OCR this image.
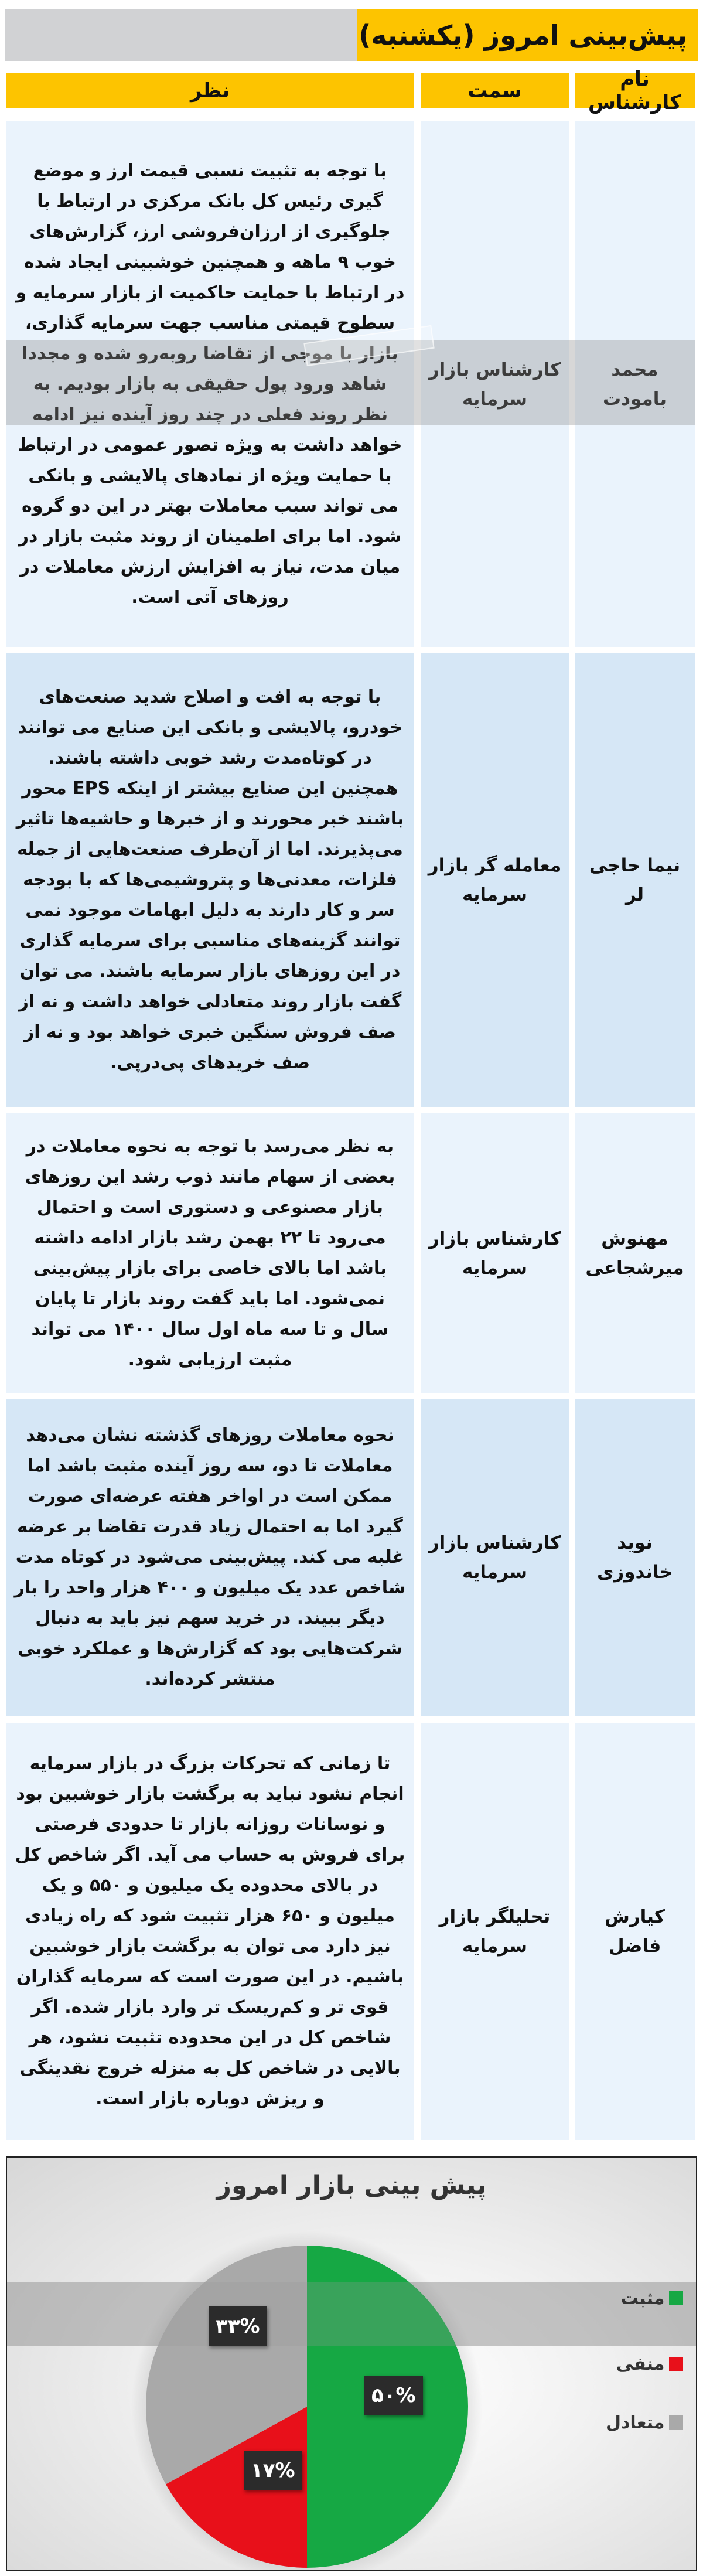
پیش‌بینی امروز (یکشنبه)
نام کارشناس
سمت
نظر
محمد بامودت
کارشناس بازار سرمایه
با توجه به تثبیت نسبی قیمت ارز و موضع گیری رئیس کل بانک مرکزی در ارتباط با جلوگیری از ارزان‌فروشی ارز، گزارش‌های خوب ۹ ماهه و همچنین خوشبینی ایجاد شده در ارتباط با حمایت حاکمیت از بازار سرمایه و سطوح قیمتی مناسب جهت سرمایه گذاری، بازار با موجی از تقاضا روبه‌رو شده و مجددا شاهد ورود پول حقیقی به بازار بودیم. به نظر روند فعلی در چند روز آینده نیز ادامه خواهد داشت به ویژه تصور عمومی در ارتباط با حمایت ویژه از نمادهای پالایشی و بانکی می تواند سبب معاملات بهتر در این دو گروه شود. اما برای اطمینان از روند مثبت بازار در میان مدت، نیاز به افزایش ارزش معاملات در روزهای آتی است.
نیما حاجی لر
معامله گر بازار سرمایه
با توجه به افت و اصلاح شدید صنعت‌های خودرو، پالایشی و بانکی این صنایع می توانند در کوتاه‌مدت رشد خوبی داشته باشند. همچنین این صنایع بیشتر از اینکه EPS محور باشند خبر محورند و از خبرها و حاشیه‌ها تاثیر می‌پذیرند. اما از آن‌طرف صنعت‌هایی از جمله فلزات، معدنی‌ها و پتروشیمی‌ها که با بودجه سر و کار دارند به دلیل ابهامات موجود نمی توانند گزینه‌های مناسبی برای سرمایه گذاری در این روزهای بازار سرمایه باشند. می توان گفت بازار روند متعادلی خواهد داشت و نه از صف فروش سنگین خبری خواهد بود و نه از صف خریدهای پی‌درپی.
مهنوش میرشجاعی
کارشناس بازار سرمایه
به نظر می‌رسد با توجه به نحوه معاملات در بعضی از سهام مانند ذوب رشد این روزهای بازار مصنوعی و دستوری است و احتمال می‌رود تا ۲۲ بهمن رشد بازار ادامه داشته باشد اما بالای خاصی برای بازار پیش‌بینی نمی‌شود. اما باید گفت روند بازار تا پایان سال و تا سه ماه اول سال ۱۴۰۰ می تواند مثبت ارزیابی شود.
نوید خاندوزی
کارشناس بازار سرمایه
نحوه معاملات روزهای گذشته نشان می‌دهد معاملات تا دو، سه روز آینده مثبت باشد اما ممکن است در اواخر هفته عرضه‌ای صورت گیرد اما به احتمال زیاد قدرت تقاضا بر عرضه غلبه می کند. پیش‌بینی می‌شود در کوتاه مدت شاخص عدد یک میلیون و ۴۰۰ هزار واحد را بار دیگر ببیند. در خرید سهم نیز باید به دنبال شرکت‌هایی بود که گزارش‌ها و عملکرد خوبی منتشر کرده‌اند.
کیارش فاضل
تحلیلگر بازار سرمایه
تا زمانی که تحرکات بزرگ در بازار سرمایه انجام نشود نباید به برگشت بازار خوشبین بود و نوسانات روزانه بازار تا حدودی فرصتی برای فروش به حساب می آید. اگر شاخص کل در بالای محدوده یک میلیون و ۵۵۰ و یک میلیون و ۶۵۰ هزار تثبیت شود که راه زیادی نیز دارد می توان به برگشت بازار خوشبین باشیم. در این صورت است که سرمایه گذاران قوی تر و کم‌ریسک تر وارد بازار شده. اگر شاخص کل در این محدوده تثبیت نشود، هر بالایی در شاخص کل به منزله خروج نقدینگی و ریزش دوباره بازار است.
پیش بینی بازار امروز
۳۳%
۵۰%
۱۷%
مثبت
منفی
متعادل
